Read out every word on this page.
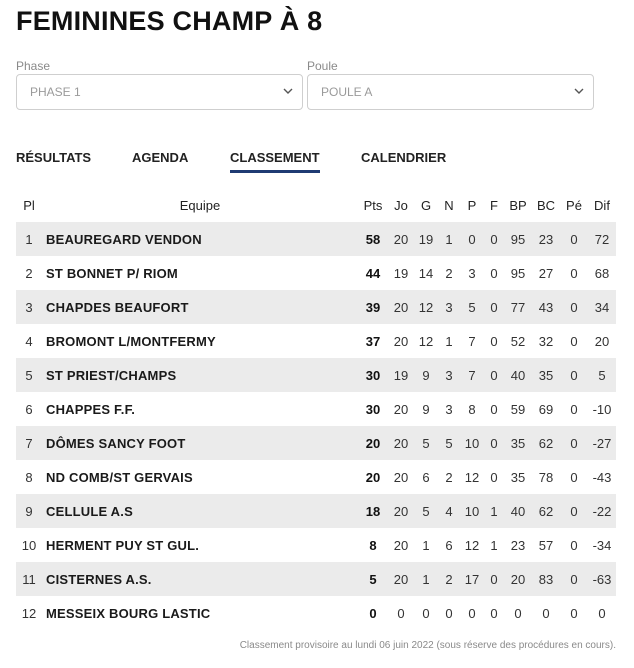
FEMININES CHAMP À 8
Phase
PHASE 1
Poule
POULE A
RÉSULTATS	AGENDA	CLASSEMENT	CALENDRIER
Pl	Equipe	Pts	Jo	G	N	P	F	BP	BC	Pé	Dif
1	BEAUREGARD VENDON	58	20	19	1	0	0	95	23	0	72
2	ST BONNET P/ RIOM	44	19	14	2	3	0	95	27	0	68
3	CHAPDES BEAUFORT	39	20	12	3	5	0	77	43	0	34
4	BROMONT L/MONTFERMY	37	20	12	1	7	0	52	32	0	20
5	ST PRIEST/CHAMPS	30	19	9	3	7	0	40	35	0	5
6	CHAPPES F.F.	30	20	9	3	8	0	59	69	0	-10
7	DÔMES SANCY FOOT	20	20	5	5	10	0	35	62	0	-27
8	ND COMB/ST GERVAIS	20	20	6	2	12	0	35	78	0	-43
9	CELLULE A.S	18	20	5	4	10	1	40	62	0	-22
10	HERMENT PUY ST GUL.	8	20	1	6	12	1	23	57	0	-34
11	CISTERNES A.S.	5	20	1	2	17	0	20	83	0	-63
12	MESSEIX BOURG LASTIC	0	0	0	0	0	0	0	0	0	0
Classement provisoire au lundi 06 juin 2022 (sous réserve des procédures en cours).
